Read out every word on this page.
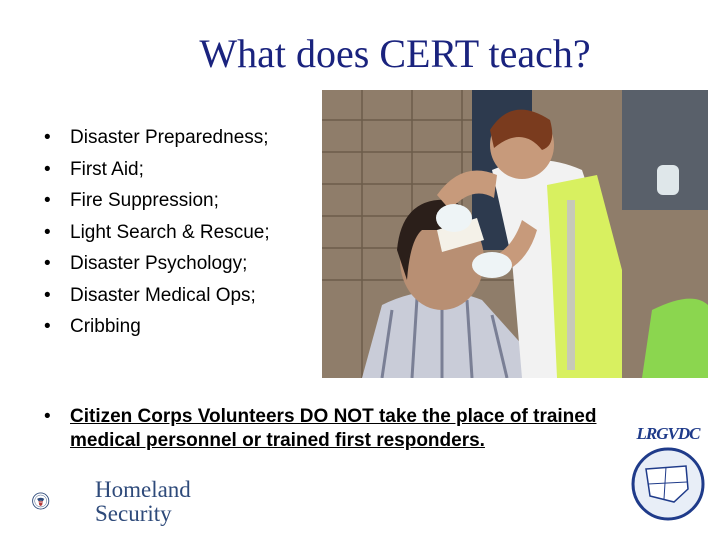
What does CERT teach?
• Disaster Preparedness;
• First Aid;
• Fire Suppression;
• Light Search & Rescue;
• Disaster Psychology;
• Disaster Medical Ops;
• Cribbing
• Citizen Corps Volunteers DO NOT take the place of trained medical personnel or trained first responders.
Homeland
Security
LRGVDC
